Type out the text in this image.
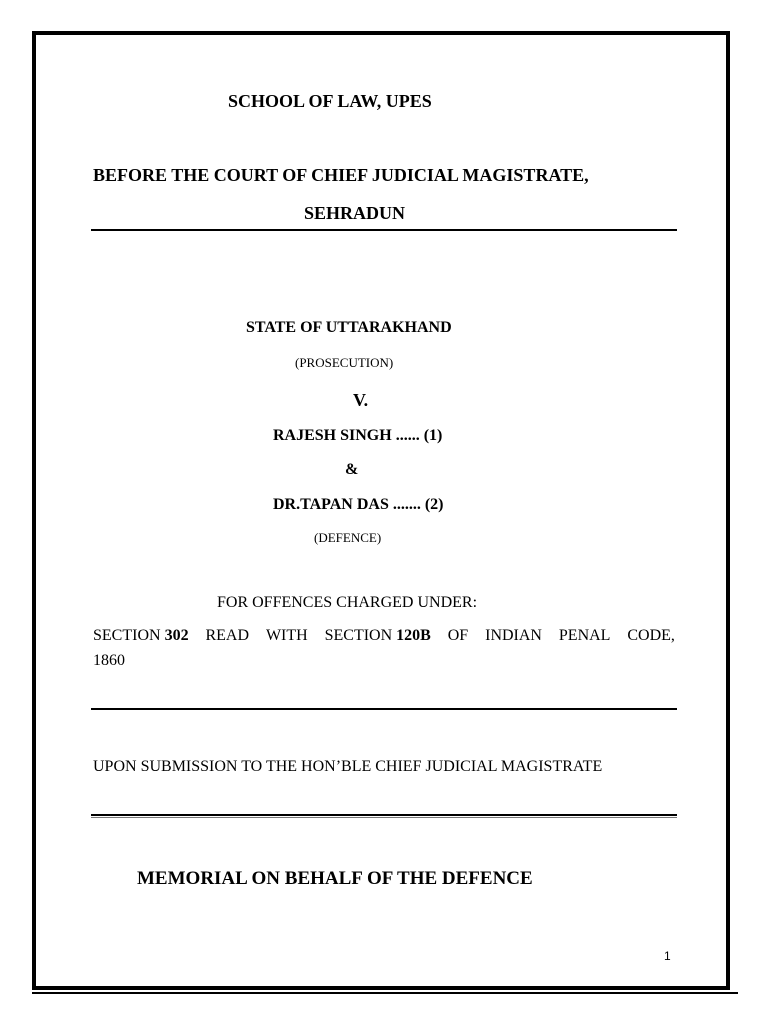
SCHOOL OF LAW, UPES
BEFORE THE COURT OF CHIEF JUDICIAL MAGISTRATE,
SEHRADUN
STATE OF UTTARAKHAND
(PROSECUTION)
V.
RAJESH SINGH ...... (1)
&
DR.TAPAN DAS ....... (2)
(DEFENCE)
FOR OFFENCES CHARGED UNDER:
SECTION 302 READ WITH SECTION 120B OF INDIAN PENAL CODE,
1860
UPON SUBMISSION TO THE HON’BLE CHIEF JUDICIAL MAGISTRATE
MEMORIAL ON BEHALF OF THE DEFENCE
1
